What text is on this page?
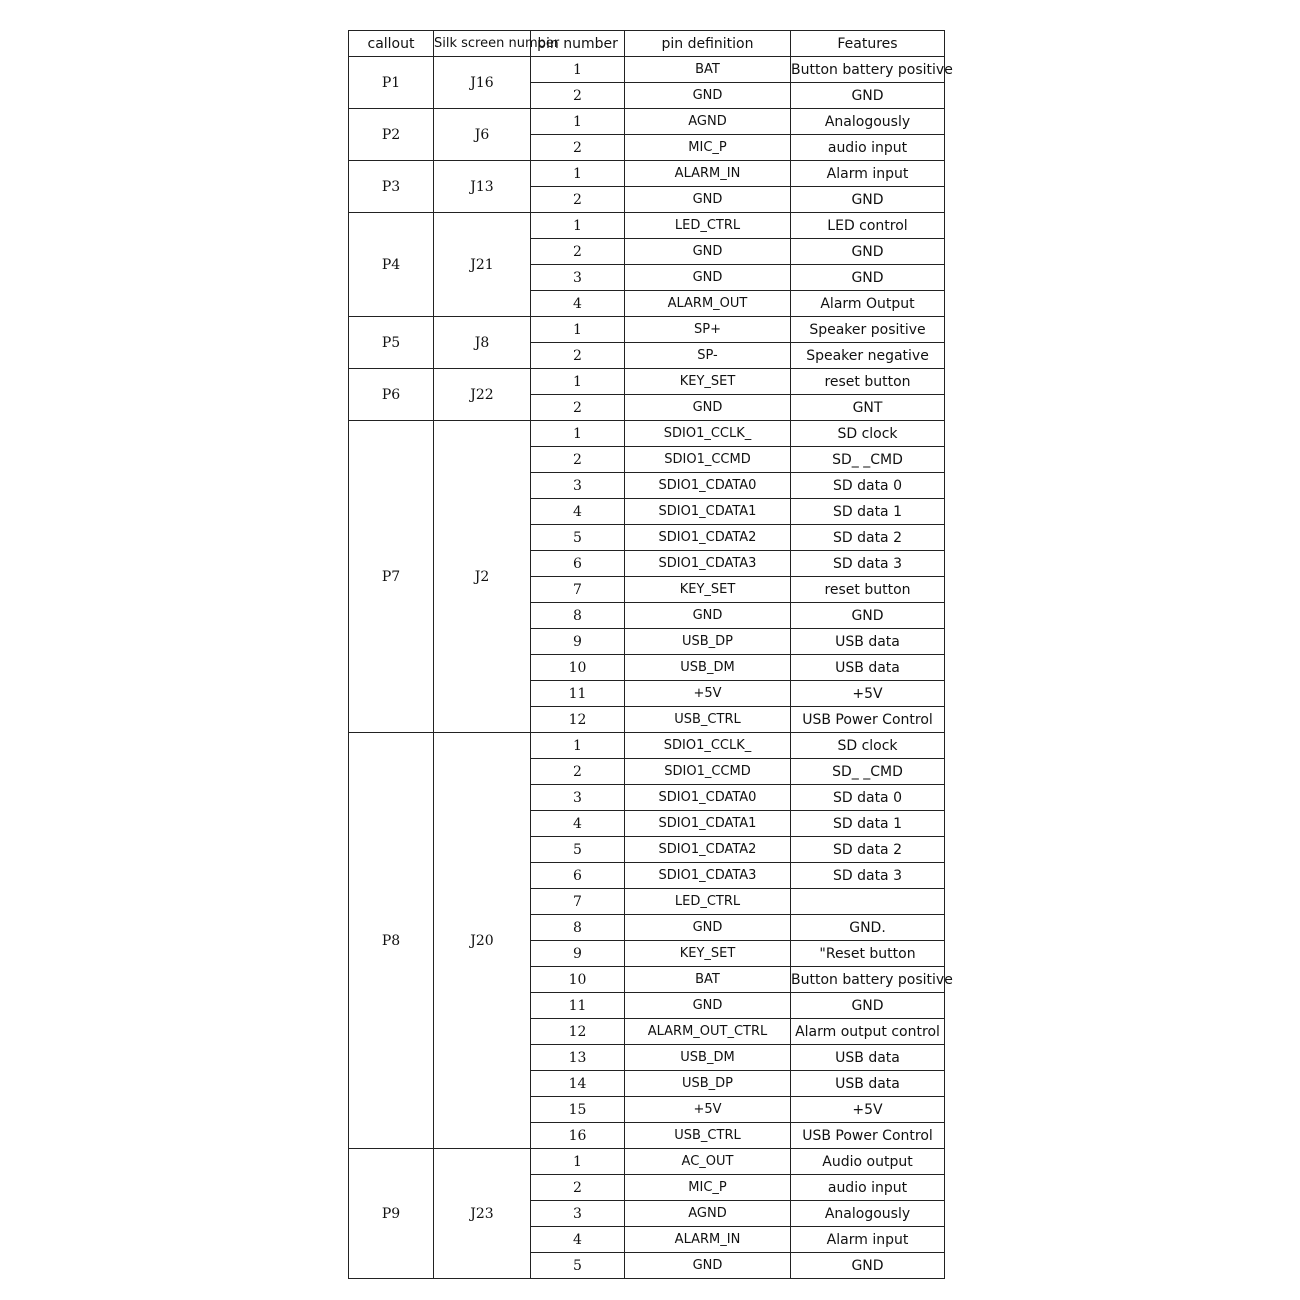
callout	Silk screen number	pin number	pin definition	Features
P1	J16	1	BAT	Button battery positive
		2	GND	GND
P2	J6	1	AGND	Analogously
		2	MIC_P	audio input
P3	J13	1	ALARM_IN	Alarm input
		2	GND	GND
P4	J21	1	LED_CTRL	LED control
		2	GND	GND
		3	GND	GND
		4	ALARM_OUT	Alarm Output
P5	J8	1	SP+	Speaker positive
		2	SP-	Speaker negative
P6	J22	1	KEY_SET	reset button
		2	GND	GNT
P7	J2	1	SDIO1_CCLK_	SD clock
		2	SDIO1_CCMD	SD_ _CMD
		3	SDIO1_CDATA0	SD data 0
		4	SDIO1_CDATA1	SD data 1
		5	SDIO1_CDATA2	SD data 2
		6	SDIO1_CDATA3	SD data 3
		7	KEY_SET	reset button
		8	GND	GND
		9	USB_DP	USB data
		10	USB_DM	USB data
		11	+5V	+5V
		12	USB_CTRL	USB Power Control
P8	J20	1	SDIO1_CCLK_	SD clock
		2	SDIO1_CCMD	SD_ _CMD
		3	SDIO1_CDATA0	SD data 0
		4	SDIO1_CDATA1	SD data 1
		5	SDIO1_CDATA2	SD data 2
		6	SDIO1_CDATA3	SD data 3
		7	LED_CTRL	
		8	GND	GND.
		9	KEY_SET	"Reset button
		10	BAT	Button battery positive
		11	GND	GND
		12	ALARM_OUT_CTRL	Alarm output control
		13	USB_DM	USB data
		14	USB_DP	USB data
		15	+5V	+5V
		16	USB_CTRL	USB Power Control
P9	J23	1	AC_OUT	Audio output
		2	MIC_P	audio input
		3	AGND	Analogously
		4	ALARM_IN	Alarm input
		5	GND	GND
